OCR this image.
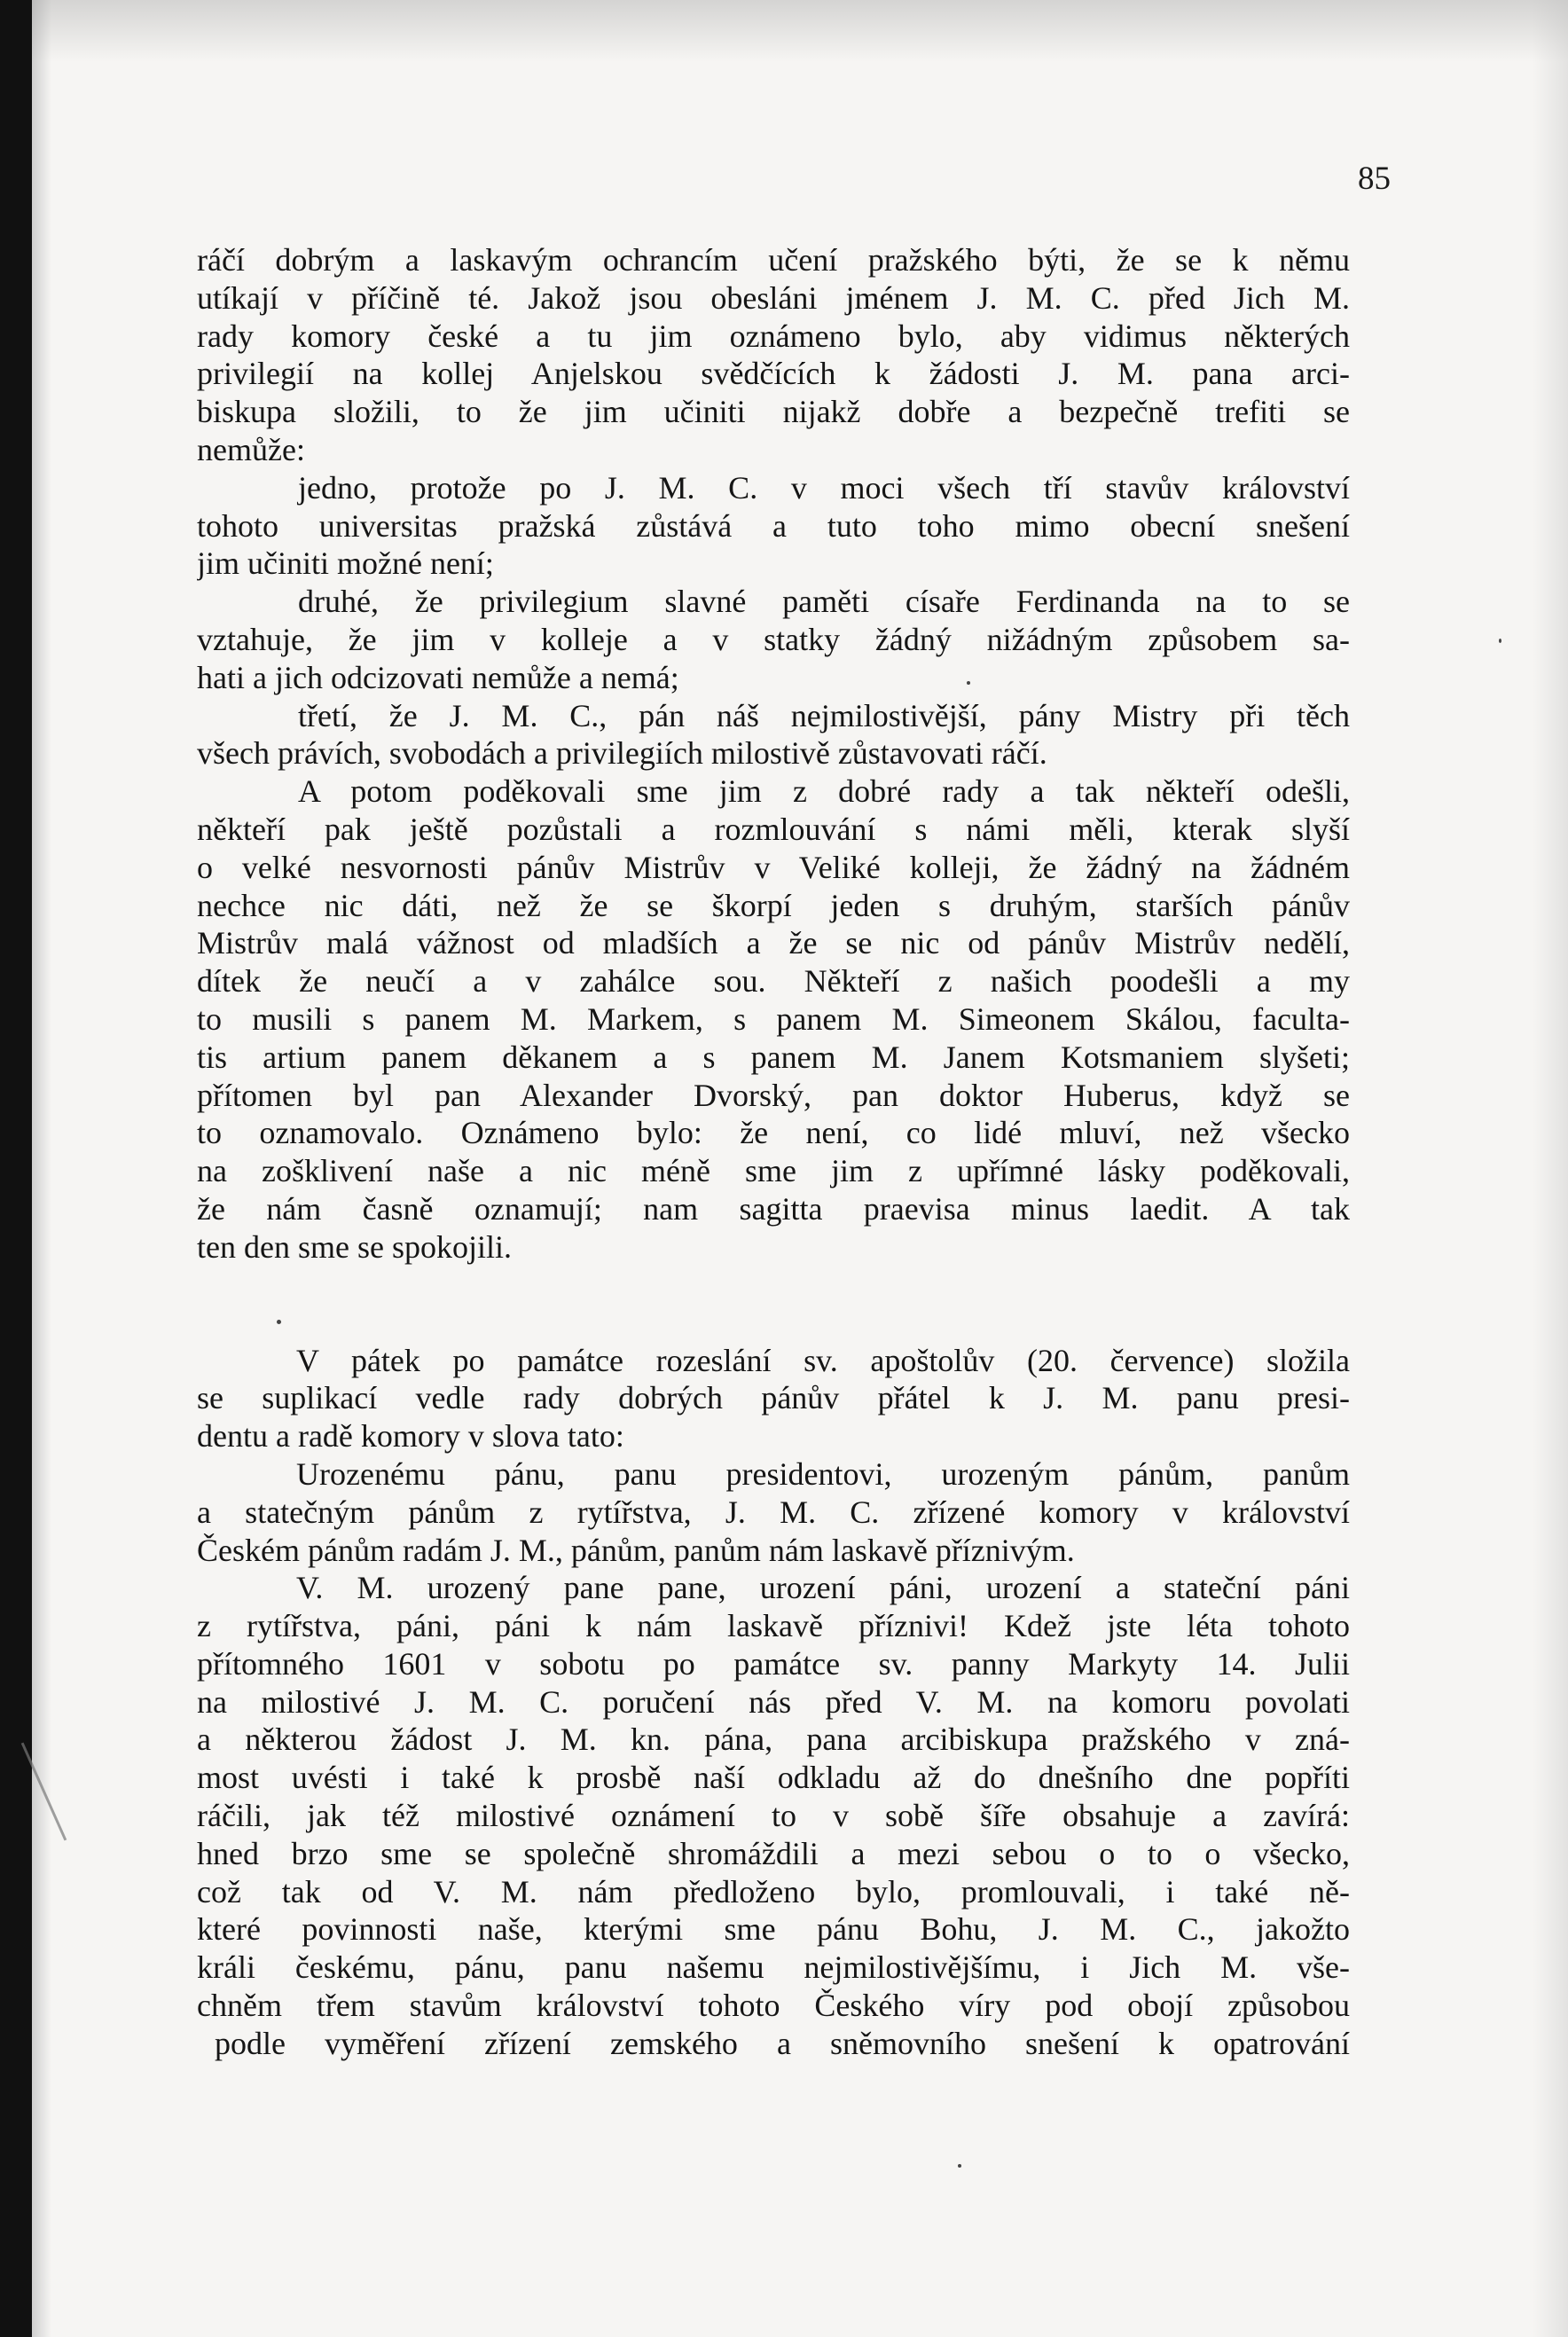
85
ráčí dobrým a laskavým ochrancím učení pražského býti, že se k němu
utíkají v příčině té. Jakož jsou obesláni jménem J. M. C. před Jich M.
rady komory české a tu jim oznámeno bylo, aby vidimus některých
privilegií na kollej Anjelskou svědčících k žádosti J. M. pana arci-
biskupa složili, to že jim učiniti nijakž dobře a bezpečně trefiti se
nemůže:
jedno, protože po J. M. C. v moci všech tří stavův království
tohoto universitas pražská zůstává a tuto toho mimo obecní snešení
jim učiniti možné není;
druhé, že privilegium slavné paměti císaře Ferdinanda na to se
vztahuje, že jim v kolleje a v statky žádný nižádným způsobem sa-
hati a jich odcizovati nemůže a nemá;
třetí, že J. M. C., pán náš nejmilostivější, pány Mistry při těch
všech právích, svobodách a privilegiích milostivě zůstavovati ráčí.
A potom poděkovali sme jim z dobré rady a tak někteří odešli,
někteří pak ještě pozůstali a rozmlouvání s námi měli, kterak slyší
o velké nesvornosti pánův Mistrův v Veliké kolleji, že žádný na žádném
nechce nic dáti, než že se škorpí jeden s druhým, starších pánův
Mistrův malá vážnost od mladších a že se nic od pánův Mistrův nedělí,
dítek že neučí a v zahálce sou. Někteří z našich poodešli a my
to musili s panem M. Markem, s panem M. Simeonem Skálou, facultа-
tis artium panem děkanem a s panem M. Janem Kotsmaniem slyšeti;
přítomen byl pan Alexander Dvorský, pan doktor Huberus, když se
to oznamovalo. Oznámeno bylo: že není, co lidé mluví, než všecko
na zošklivení naše a nic méně sme jim z upřímné lásky poděkovali,
že nám časně oznamují; nam sagitta praevisa minus laedit. A tak
ten den sme se spokojili.
V pátek po památce rozeslání sv. apoštolův (20. července) složila
se suplikací vedle rady dobrých pánův přátel k J. M. panu presi-
dentu a radě komory v slova tato:
Urozenému pánu, panu presidentovi, urozeným pánům, panům
a statečným pánům z rytířstva, J. M. C. zřízené komory v království
Českém pánům radám J. M., pánům, panům nám laskavě příznivým.
V. M. urozený pane pane, urození páni, urození a stateční páni
z rytířstva, páni, páni k nám laskavě příznivi! Kdež jste léta tohoto
přítomného 1601 v sobotu po památce sv. panny Markyty 14. Julii
na milostivé J. M. C. poručení nás před V. M. na komoru povolati
a některou žádost J. M. kn. pána, pana arcibiskupa pražského v zná-
most uvésti i také k prosbě naší odkladu až do dnešního dne popříti
ráčili, jak též milostivé oznámení to v sobě šíře obsahuje a zavírá:
hned brzo sme se společně shromáždili a mezi sebou o to o všecko,
což tak od V. M. nám předloženo bylo, promlouvali, i také ně-
které povinnosti naše, kterými sme pánu Bohu, J. M. C., jakožto
králi českému, pánu, panu našemu nejmilostivějšímu, i Jich M. vše-
chněm třem stavům království tohoto Českého víry pod obojí způsobou
podle vyměření zřízení zemského a sněmovního snešení k opatrování
